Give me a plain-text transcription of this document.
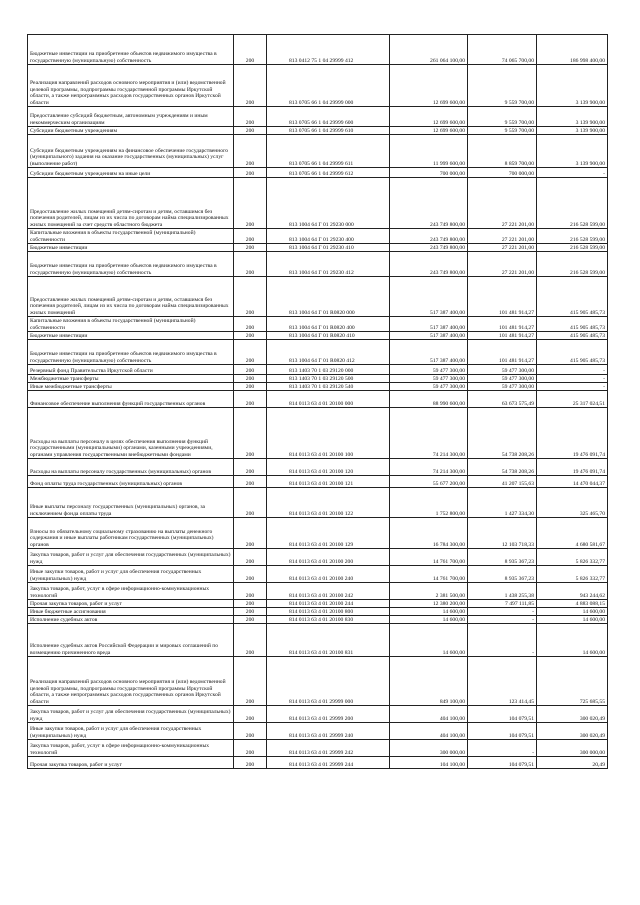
Бюджетные инвестиции на приобретение объектов недвижимого имущества в государственную (муниципальную) собственность	200	813 0412 75 1 04 29999 412	261 064 100,00	74 065 700,00	186 998 400,00
Реализация направлений расходов основного мероприятия и (или) ведомственной целевой программы, подпрограммы государственной программы Иркутской области, а также непрограммных расходов государственных органов Иркутской области	200	813 0705 66 1 04 29999 000	12 699 600,00	9 559 700,00	3 139 900,00
Предоставление субсидий бюджетным, автономным учреждениям и иным некоммерческим организациям	200	813 0705 66 1 04 29999 600	12 699 600,00	9 559 700,00	3 139 900,00
Субсидии бюджетным учреждениям	200	813 0705 66 1 04 29999 610	12 699 600,00	9 559 700,00	3 139 900,00
Субсидии бюджетным учреждениям на финансовое обеспечение государственного (муниципального) задания на оказание государственных (муниципальных) услуг (выполнение работ)	200	813 0705 66 1 04 29999 611	11 999 600,00	8 859 700,00	3 139 900,00
Субсидии бюджетным учреждениям на иные цели	200	813 0705 66 1 04 29999 612	700 000,00	700 000,00	-
Предоставление жилых помещений детям-сиротам и детям, оставшимся без попечения родителей, лицам из их числа по договорам найма специализированных жилых помещений за счет средств областного бюджета	200	813 1004 64 Г 01 29230 000	243 749 800,00	27 221 201,00	216 528 599,00
Капитальные вложения в объекты государственной (муниципальной) собственности	200	813 1004 64 Г 01 29230 400	243 749 800,00	27 221 201,00	216 528 599,00
Бюджетные инвестиции	200	813 1004 64 Г 01 29230 410	243 749 800,00	27 221 201,00	216 528 599,00
Бюджетные инвестиции на приобретение объектов недвижимого имущества в государственную (муниципальную) собственность	200	813 1004 64 Г 01 29230 412	243 749 800,00	27 221 201,00	216 528 599,00
Предоставление жилых помещений детям-сиротам и детям, оставшимся без попечения родителей, лицам из их числа по договорам найма специализированных жилых помещений	200	813 1004 64 Г 01 R0820 000	517 387 400,00	101 481 914,27	415 905 485,73
Капитальные вложения в объекты государственной (муниципальной) собственности	200	813 1004 64 Г 01 R0820 400	517 387 400,00	101 481 914,27	415 905 485,73
Бюджетные инвестиции	200	813 1004 64 Г 01 R0820 410	517 387 400,00	101 481 914,27	415 905 485,73
Бюджетные инвестиции на приобретение объектов недвижимого имущества в государственную (муниципальную) собственность	200	813 1004 64 Г 01 R0820 412	517 387 400,00	101 481 914,27	415 905 485,73
Резервный фонд Правительства Иркутской области	200	813 1403 70 1 03 29120 000	59 477 300,00	59 477 300,00	-
Межбюджетные трансферты	200	813 1403 70 1 03 29120 500	59 477 300,00	59 477 300,00	-
Иные межбюджетные трансферты	200	813 1403 70 1 03 29120 540	59 477 300,00	59 477 300,00	-
Финансовое обеспечение выполнения функций государственных органов	200	814 0113 63 4 01 20100 000	88 990 600,00	63 673 575,49	25 317 024,51
Расходы на выплаты персоналу в целях обеспечения выполнения функций государственными (муниципальными) органами, казенными учреждениями, органами управления государственными внебюджетными фондами	200	814 0113 63 4 01 20100 100	74 214 300,00	54 738 208,26	19 476 091,74
Расходы на выплаты персоналу государственных (муниципальных) органов	200	814 0113 63 4 01 20100 120	74 214 300,00	54 738 208,26	19 476 091,74
Фонд оплаты труда государственных (муниципальных) органов	200	814 0113 63 4 01 20100 121	55 677 200,00	41 207 155,63	14 470 044,37
Иные выплаты персоналу государственных (муниципальных) органов, за исключением фонда оплаты труда	200	814 0113 63 4 01 20100 122	1 752 800,00	1 427 334,30	325 465,70
Взносы по обязательному социальному страхованию на выплаты денежного содержания и иные выплаты работникам государственных (муниципальных) органов	200	814 0113 63 4 01 20100 129	16 784 300,00	12 103 718,33	4 680 581,67
Закупка товаров, работ и услуг для обеспечения государственных (муниципальных) нужд	200	814 0113 63 4 01 20100 200	14 761 700,00	8 935 367,23	5 826 332,77
Иные закупки товаров, работ и услуг для обеспечения государственных (муниципальных) нужд	200	814 0113 63 4 01 20100 240	14 761 700,00	8 935 367,23	5 826 332,77
Закупка товаров, работ, услуг в сфере информационно-коммуникационных технологий	200	814 0113 63 4 01 20100 242	2 381 500,00	1 438 255,38	943 244,62
Прочая закупка товаров, работ и услуг	200	814 0113 63 4 01 20100 244	12 380 200,00	7 497 111,85	4 883 088,15
Иные бюджетные ассигнования	200	814 0113 63 4 01 20100 800	14 600,00	-	14 600,00
Исполнение судебных актов	200	814 0113 63 4 01 20100 830	14 600,00	-	14 600,00
Исполнение судебных актов Российской Федерации и мировых соглашений по возмещению причиненного вреда	200	814 0113 63 4 01 20100 831	14 600,00	-	14 600,00
Реализация направлений расходов основного мероприятия и (или) ведомственной целевой программы, подпрограммы государственной программы Иркутской области, а также непрограммных расходов государственных органов Иркутской области	200	814 0113 63 4 01 29999 000	849 100,00	123 414,45	725 685,55
Закупка товаров, работ и услуг для обеспечения государственных (муниципальных) нужд	200	814 0113 63 4 01 29999 200	404 100,00	104 079,51	300 020,49
Иные закупки товаров, работ и услуг для обеспечения государственных (муниципальных) нужд	200	814 0113 63 4 01 29999 240	404 100,00	104 079,51	300 020,49
Закупка товаров, работ, услуг в сфере информационно-коммуникационных технологий	200	814 0113 63 4 01 29999 242	300 000,00	-	300 000,00
Прочая закупка товаров, работ и услуг	200	814 0113 63 4 01 29999 244	104 100,00	104 079,51	20,49
